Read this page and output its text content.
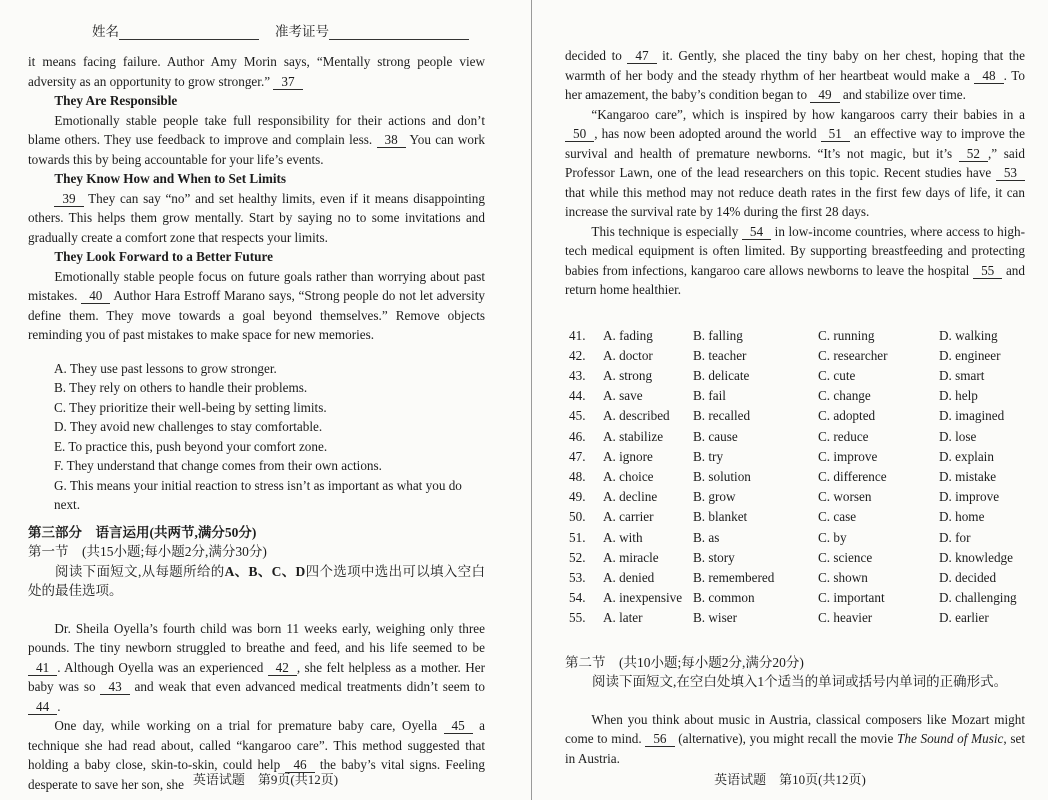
姓名	准考证号
it means facing failure. Author Amy Morin says, “Mentally strong people view adversity as an opportunity to grow stronger.” 37
They Are Responsible
Emotionally stable people take full responsibility for their actions and don’t blame others. They use feedback to improve and complain less. 38 You can work towards this by being accountable for your life’s events.
They Know How and When to Set Limits
39 They can say “no” and set healthy limits, even if it means disappointing others. This helps them grow mentally. Start by saying no to some invitations and gradually create a comfort zone that respects your limits.
They Look Forward to a Better Future
Emotionally stable people focus on future goals rather than worrying about past mistakes. 40 Author Hara Estroff Marano says, “Strong people do not let adversity define them. They move towards a goal beyond themselves.” Remove objects reminding you of past mistakes to make space for new memories.
A. They use past lessons to grow stronger.
B. They rely on others to handle their problems.
C. They prioritize their well-being by setting limits.
D. They avoid new challenges to stay comfortable.
E. To practice this, push beyond your comfort zone.
F. They understand that change comes from their own actions.
G. This means your initial reaction to stress isn’t as important as what you do next.
第三部分　语言运用(共两节,满分50分)
第一节　(共15小题;每小题2分,满分30分)
阅读下面短文,从每题所给的A、B、C、D四个选项中选出可以填入空白处的最佳选项。
Dr. Sheila Oyella’s fourth child was born 11 weeks early, weighing only three pounds. The tiny newborn struggled to breathe and feed, and his life seemed to be 41 . Although Oyella was an experienced 42 , she felt helpless as a mother. Her baby was so 43 and weak that even advanced medical treatments didn’t seem to 44 .
One day, while working on a trial for premature baby care, Oyella 45 a technique she had read about, called “kangaroo care”. This method suggested that holding a baby close, skin-to-skin, could help 46 the baby’s vital signs. Feeling desperate to save her son, she 英语试题　第9页(共12页)
decided to 47 it. Gently, she placed the tiny baby on her chest, hoping that the warmth of her body and the steady rhythm of her heartbeat would make a 48 . To her amazement, the baby’s condition began to 49 and stabilize over time.
“Kangaroo care”, which is inspired by how kangaroos carry their babies in a 50 , has now been adopted around the world 51 an effective way to improve the survival and health of premature newborns. “It’s not magic, but it’s 52 ,” said Professor Lawn, one of the lead researchers on this topic. Recent studies have 53 that while this method may not reduce death rates in the first few days of life, it can increase the survival rate by 14% during the first 28 days.
This technique is especially 54 in low-income countries, where access to high-tech medical equipment is often limited. By supporting breastfeeding and protecting babies from infections, kangaroo care allows newborns to leave the hospital 55 and return home healthier.
41.	A. fading	B. falling	C. running	D. walking
42.	A. doctor	B. teacher	C. researcher	D. engineer
43.	A. strong	B. delicate	C. cute	D. smart
44.	A. save	B. fail	C. change	D. help
45.	A. described	B. recalled	C. adopted	D. imagined
46.	A. stabilize	B. cause	C. reduce	D. lose
47.	A. ignore	B. try	C. improve	D. explain
48.	A. choice	B. solution	C. difference	D. mistake
49.	A. decline	B. grow	C. worsen	D. improve
50.	A. carrier	B. blanket	C. case	D. home
51.	A. with	B. as	C. by	D. for
52.	A. miracle	B. story	C. science	D. knowledge
53.	A. denied	B. remembered	C. shown	D. decided
54.	A. inexpensive B. common	C. important	D. challenging
55.	A. later	B. wiser	C. heavier	D. earlier
第二节　(共10小题;每小题2分,满分20分)
阅读下面短文,在空白处填入1个适当的单词或括号内单词的正确形式。
When you think about music in Austria, classical composers like Mozart might come to mind. 56 (alternative), you might recall the movie The Sound of Music, set in Austria.
英语试题　第10页(共12页)
